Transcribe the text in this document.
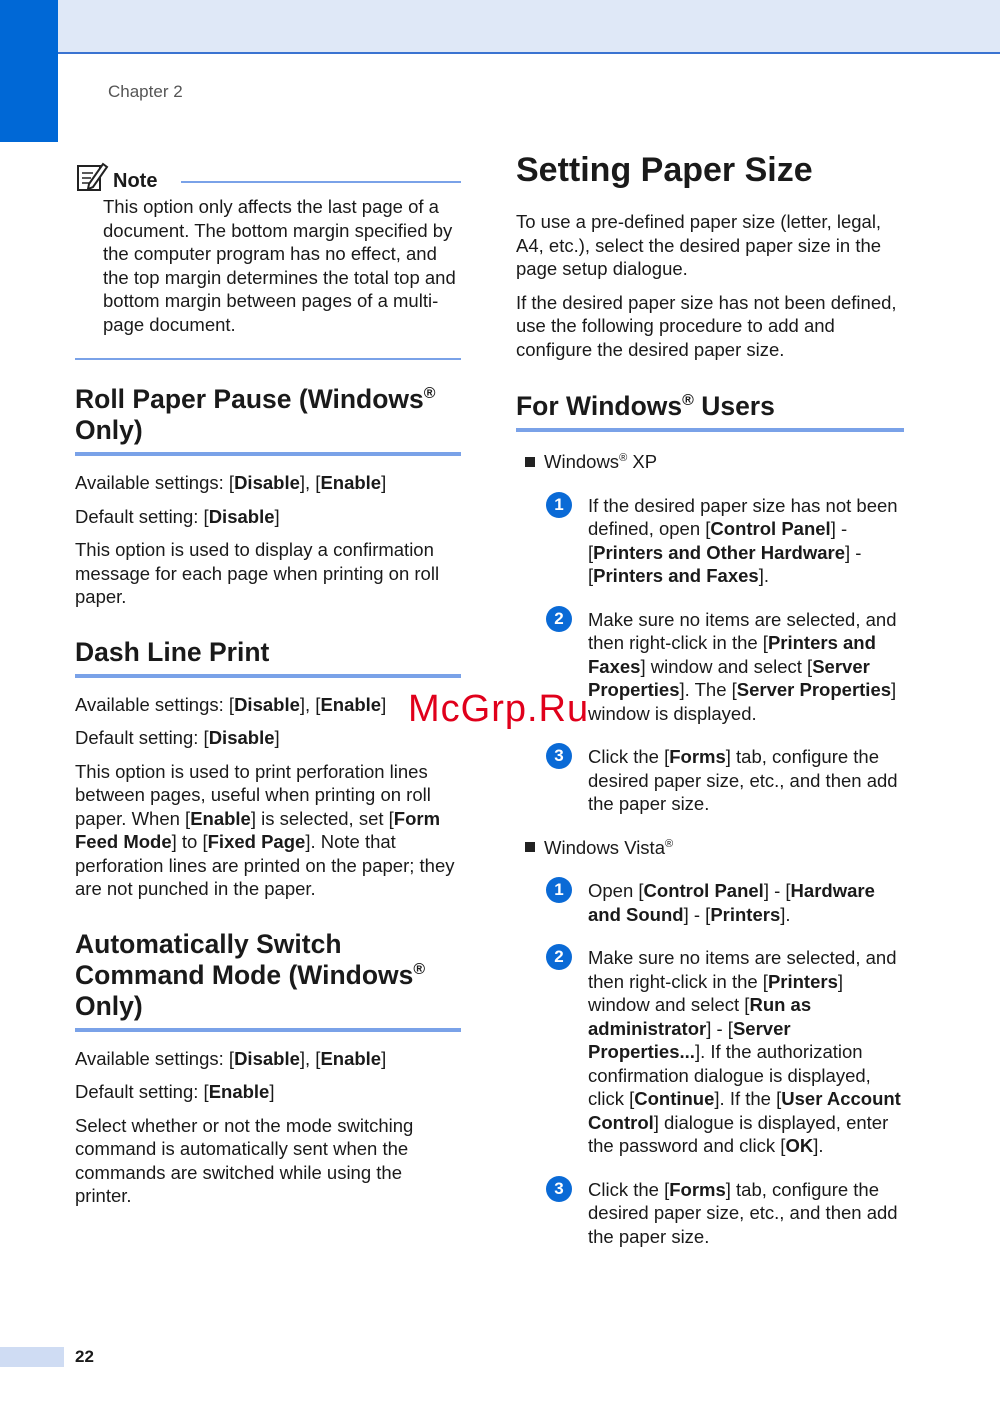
Chapter 2
Note

This option only affects the last page of a document. The bottom margin specified by the computer program has no effect, and the top margin determines the total top and bottom margin between pages of a multi-page document.

Roll Paper Pause (Windows® Only)

Available settings: [Disable], [Enable]

Default setting: [Disable]

This option is used to display a confirmation message for each page when printing on roll paper.

Dash Line Print

Available settings: [Disable], [Enable]

Default setting: [Disable]

This option is used to print perforation lines between pages, useful when printing on roll paper. When [Enable] is selected, set [Form Feed Mode] to [Fixed Page]. Note that perforation lines are printed on the paper; they are not punched in the paper.

Automatically Switch Command Mode (Windows® Only)

Available settings: [Disable], [Enable]

Default setting: [Enable]

Select whether or not the mode switching command is automatically sent when the commands are switched while using the printer.

Setting Paper Size

To use a pre-defined paper size (letter, legal, A4, etc.), select the desired paper size in the page setup dialogue.

If the desired paper size has not been defined, use the following procedure to add and configure the desired paper size.

For Windows® Users
Windows® XP
1	If the desired paper size has not been defined, open [Control Panel] - [Printers and Other Hardware] - [Printers and Faxes].

2	Make sure no items are selected, and then right-click in the [Printers and Faxes] window and select [Server Properties]. The [Server Properties] window is displayed.

3	Click the [Forms] tab, configure the desired paper size, etc., and then add the paper size.

Windows Vista®
1	Open [Control Panel] - [Hardware and Sound] - [Printers].

2	Make sure no items are selected, and then right-click in the [Printers] window and select [Run as administrator] - [Server Properties...]. If the authorization confirmation dialogue is displayed, click [Continue]. If the [User Account Control] dialogue is displayed, enter the password and click [OK].

3	Click the [Forms] tab, configure the desired paper size, etc., and then add the paper size.

McGrp.Ru
22
